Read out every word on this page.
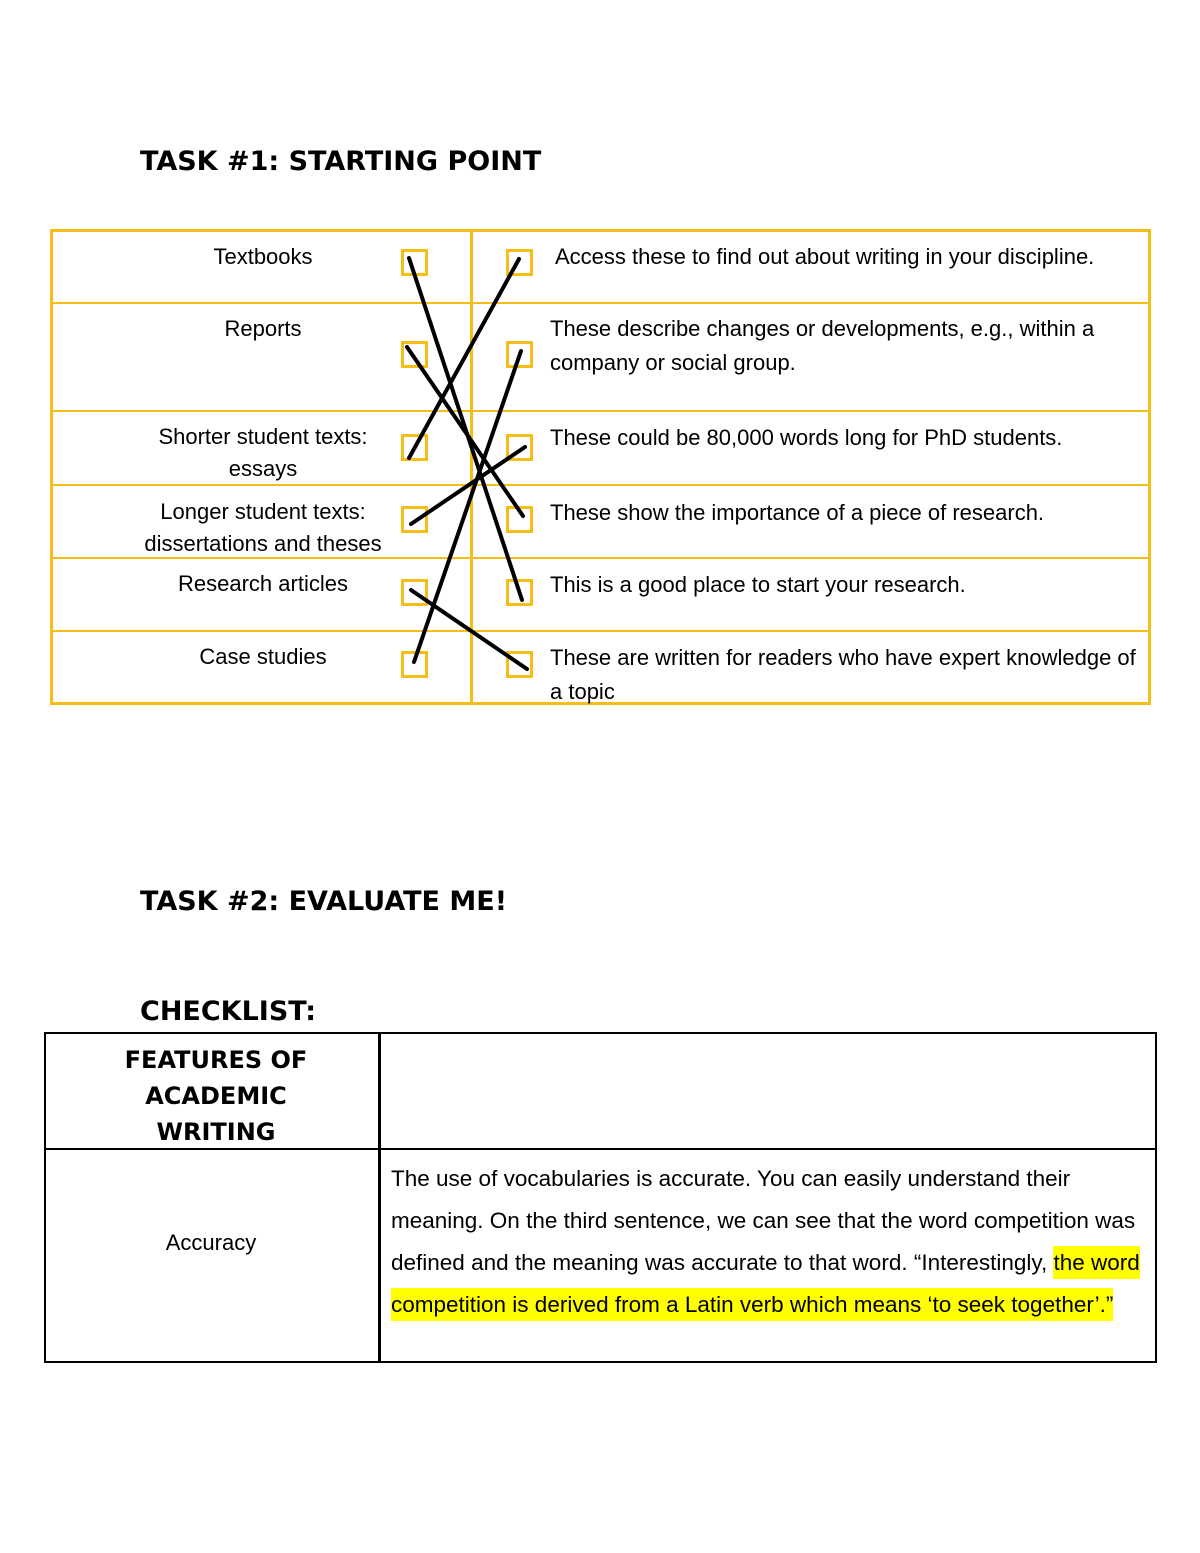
TASK #1: STARTING POINT
Textbooks
Reports
Shorter student texts: essays
Longer student texts: dissertations and theses
Research articles
Case studies
Access these to find out about writing in your discipline.
These describe changes or developments, e.g., within a company or social group.
These could be 80,000 words long for PhD students.
These show the importance of a piece of research.
This is a good place to start your research.
These are written for readers who have expert knowledge of a topic
TASK #2: EVALUATE ME!
CHECKLIST:
FEATURES OF ACADEMIC WRITING
Accuracy
The use of vocabularies is accurate. You can easily understand their meaning. On the third sentence, we can see that the word competition was defined and the meaning was accurate to that word. “Interestingly, the word competition is derived from a Latin verb which means ‘to seek together’.”
